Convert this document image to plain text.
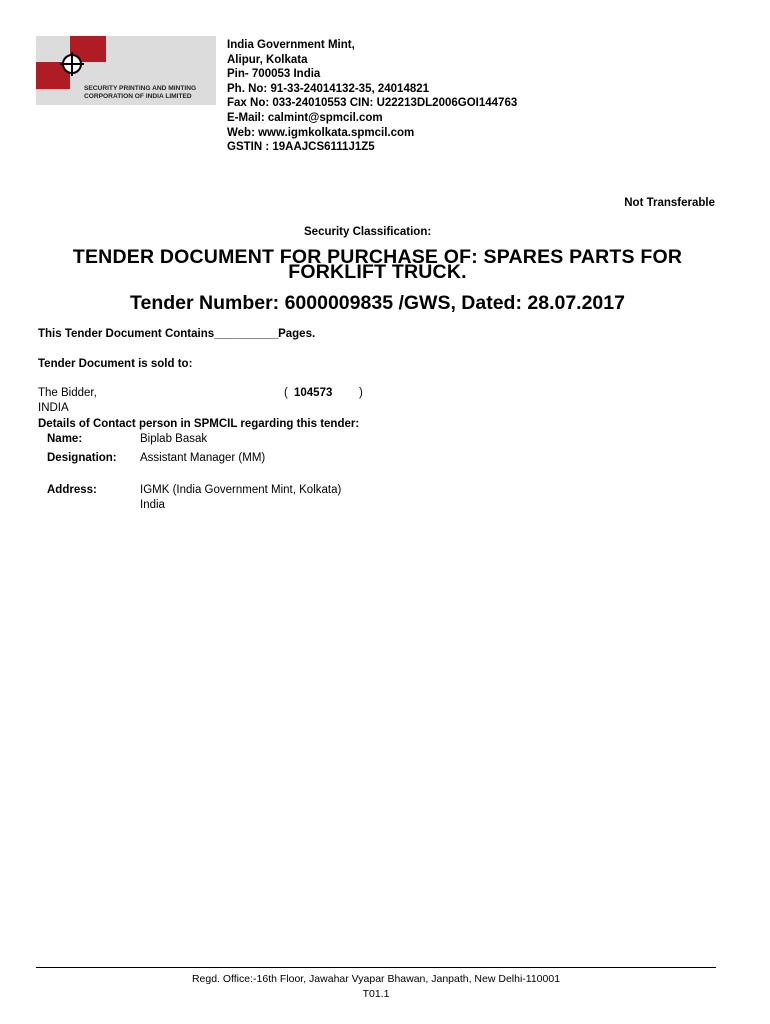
SECURITY PRINTING AND MINTING
CORPORATION OF INDIA LIMITED
India Government Mint,
Alipur, Kolkata
Pin- 700053 India
Ph. No: 91-33-24014132-35, 24014821
Fax No: 033-24010553 CIN: U22213DL2006GOI144763
E-Mail: calmint@spmcil.com
Web: www.igmkolkata.spmcil.com
GSTIN : 19AAJCS6111J1Z5
Not Transferable
Security Classification:
TENDER DOCUMENT FOR PURCHASE OF: SPARES PARTS FOR FORKLIFT TRUCK.
Tender Number: 6000009835 /GWS, Dated: 28.07.2017
This Tender Document Contains__________Pages.
Tender Document is sold to:
The Bidder,
INDIA
( 104573 )
Details of Contact person in SPMCIL regarding this tender:
Name:	Biplab Basak
Designation: Assistant Manager (MM)
Address:	IGMK (India Government Mint, Kolkata)
India
Regd. Office:-16th Floor, Jawahar Vyapar Bhawan, Janpath, New Delhi-110001
T01.1
